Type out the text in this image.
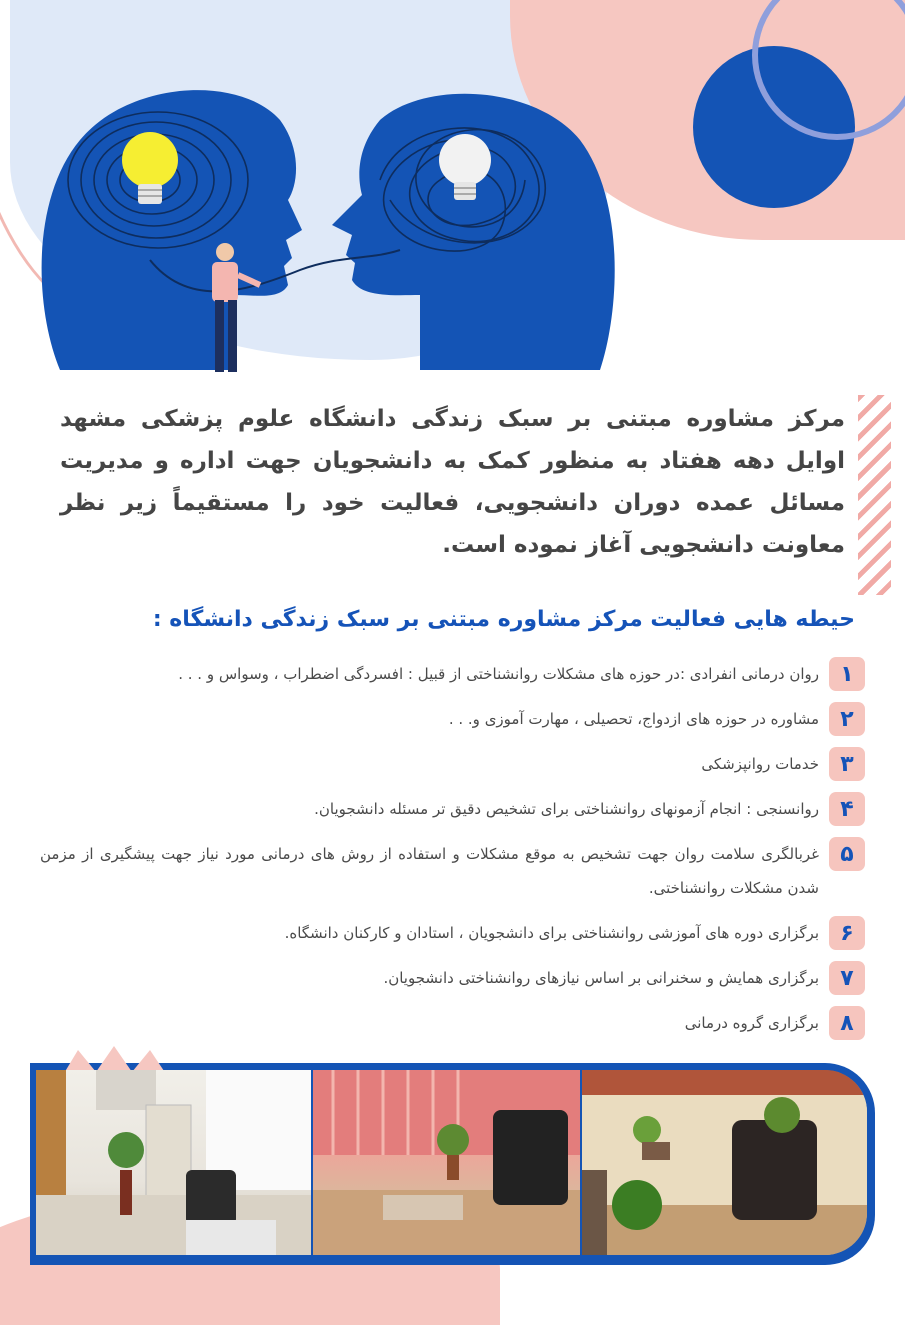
مرکز مشاوره مبتنی بر سبک زندگی دانشگاه علوم پزشکی مشهد اوایل دهه هفتاد به منظور کمک به دانشجویان جهت اداره و مدیریت مسائل عمده دوران دانشجویی، فعالیت خود را مستقیماً زیر نظر معاونت دانشجویی آغاز نموده است.
حیطه هایی فعالیت مرکز مشاوره مبتنی بر سبک زندگی دانشگاه :
۱
روان درمانی انفرادی :در حوزه های مشکلات روانشناختی از قبیل : افسردگی اضطراب ، وسواس و . . .
۲
مشاوره در حوزه های ازدواج، تحصیلی ، مهارت آموزی و. . .
۳
خدمات روانپزشکی
۴
روانسنجی : انجام آزمونهای روانشناختی برای تشخیص دقیق تر مسئله دانشجویان.
۵
غربالگری سلامت روان جهت تشخیص به موقع مشکلات و استفاده از روش های درمانی مورد نیاز جهت پیشگیری از مزمن شدن مشکلات روانشناختی.
۶
برگزاری دوره های آموزشی روانشناختی برای دانشجویان ، استادان و کارکنان دانشگاه.
۷
برگزاری همایش و سخنرانی بر اساس نیازهای روانشناختی دانشجویان.
۸
برگزاری گروه درمانی
